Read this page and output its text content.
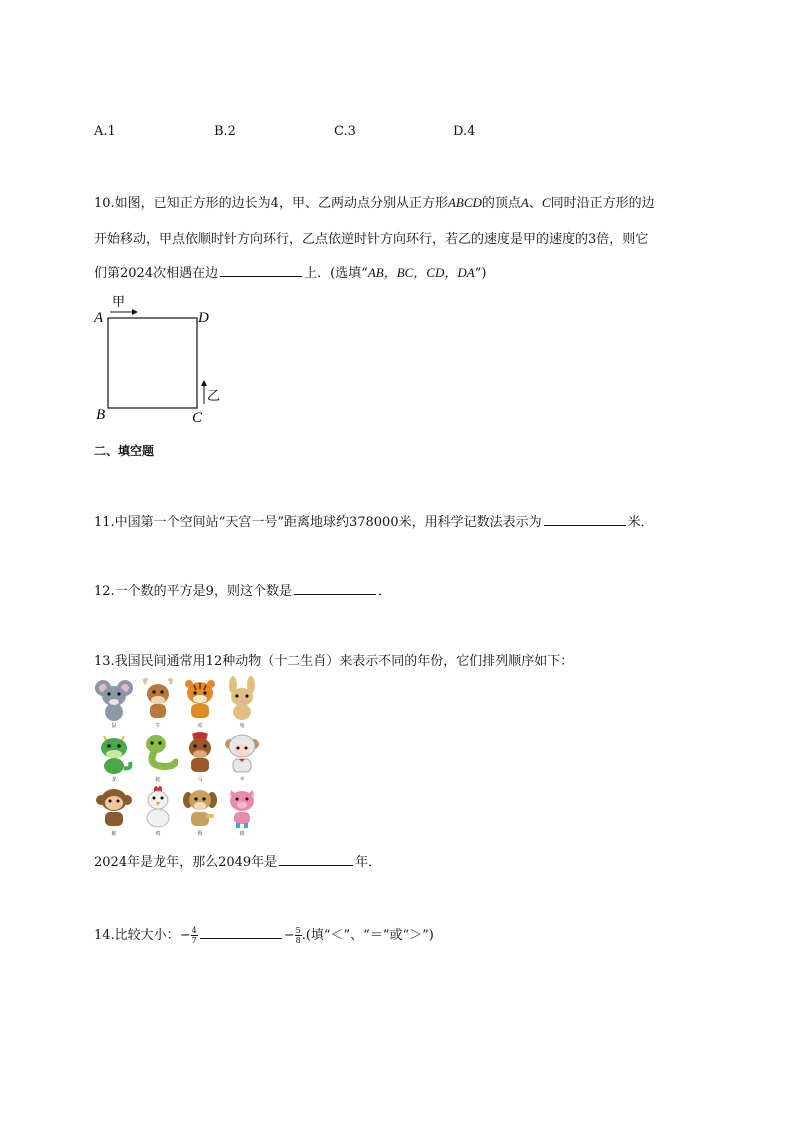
A.1	B.2	C.3	D.4
10.如图，已知正方形的边长为4，甲、乙两动点分别从正方形ABCD的顶点A、C同时沿正方形的边
开始移动，甲点依顺时针方向环行，乙点依逆时针方向环行，若乙的速度是甲的速度的3倍，则它
们第2024次相遇在边	上．(选填“AB，BC，CD，DA”)
A	D
B	C
甲
乙
二、填空题
11.中国第一个空间站“天宫一号”距离地球约378000米，用科学记数法表示为	米．
12.一个数的平方是9，则这个数是	．
13.我国民间通常用12种动物（十二生肖）来表示不同的年份，它们排列顺序如下：
鼠	牛	虎	兔
龙	蛇	马	羊
猴	鸡	狗	猪
2024年是龙年，那么2049年是	年．
14.比较大小：− $\frac{4}{7}$	− $\frac{5}{8}$ .(填“＜”、“＝”或“＞”)
